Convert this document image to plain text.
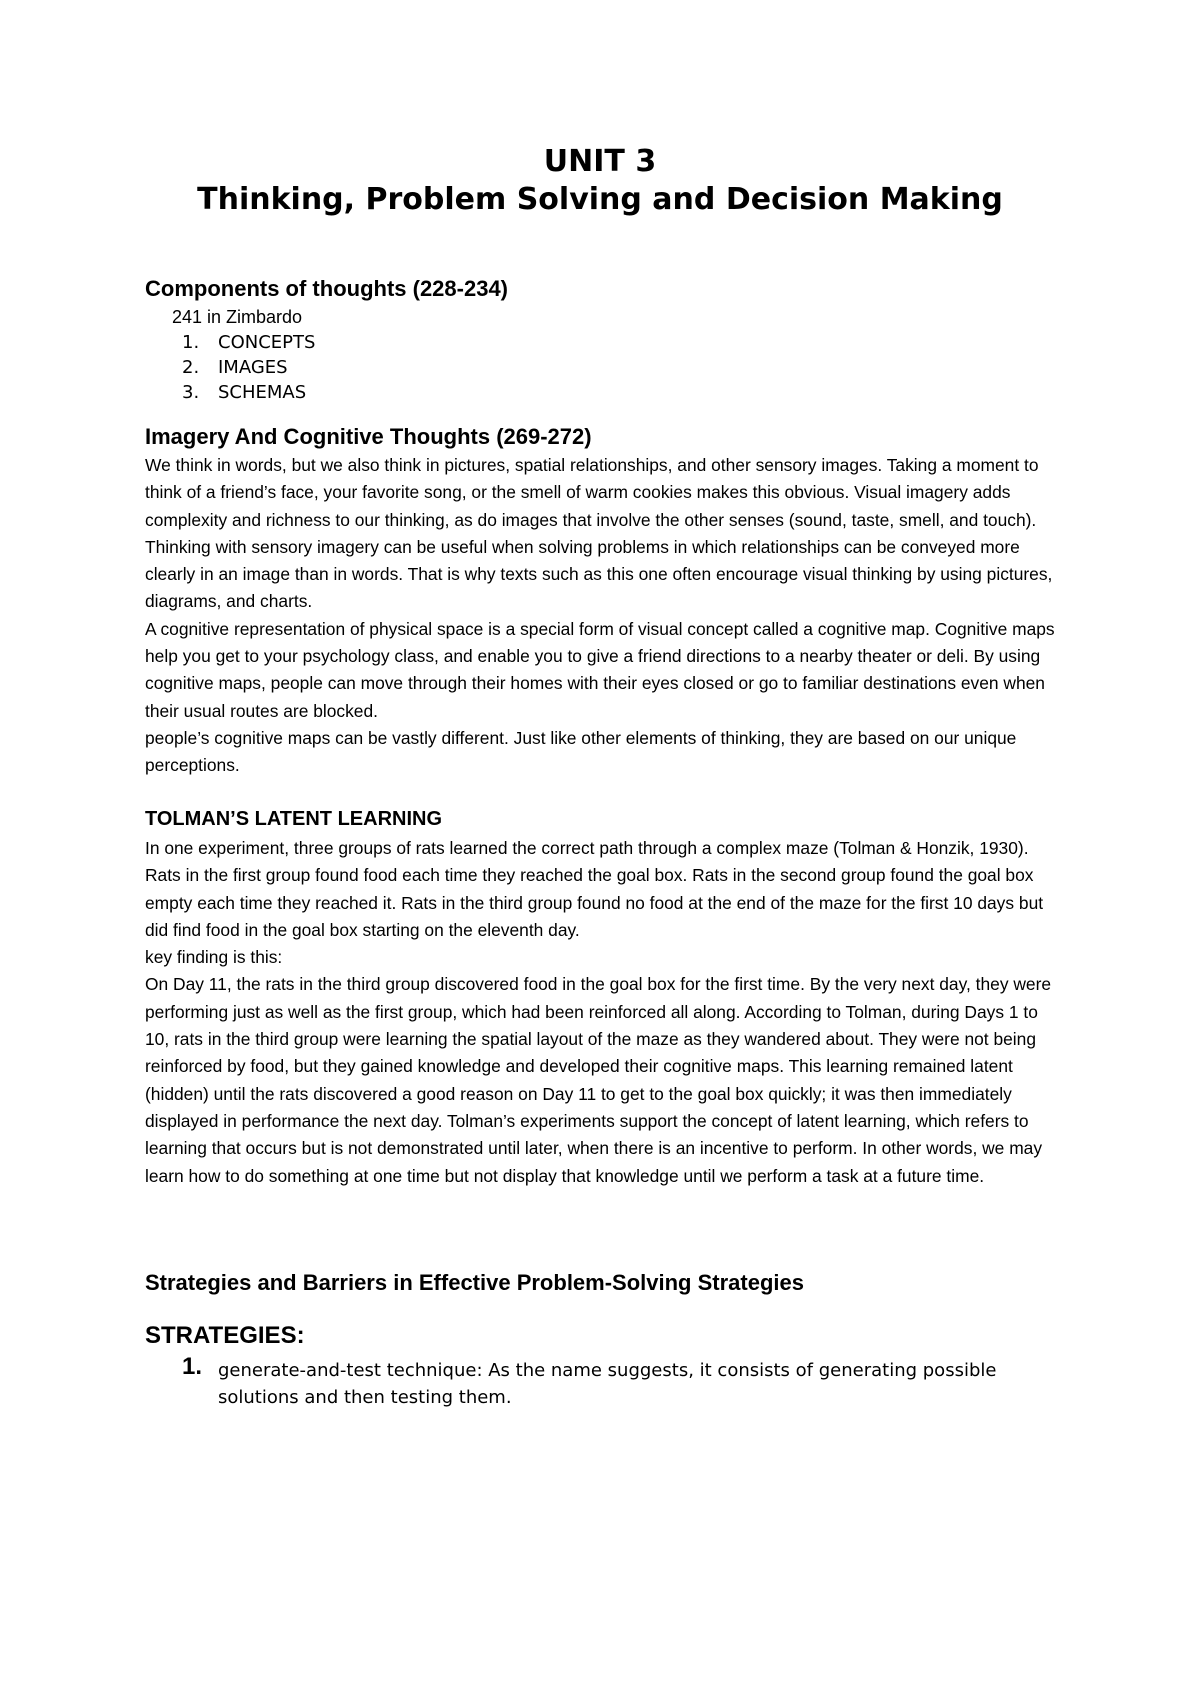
UNIT 3
Thinking, Problem Solving and Decision Making
Components of thoughts (228-234)
241 in Zimbardo
1.	CONCEPTS
2.	IMAGES
3.	SCHEMAS
Imagery And Cognitive Thoughts (269-272)

We think in words, but we also think in pictures, spatial relationships, and other sensory images. Taking a moment to think of a friend’s face, your favorite song, or the smell of warm cookies makes this obvious. Visual imagery adds complexity and richness to our thinking, as do images that involve the other senses (sound, taste, smell, and touch). Thinking with sensory imagery can be useful when solving problems in which relationships can be conveyed more clearly in an image than in words. That is why texts such as this one often encourage visual thinking by using pictures, diagrams, and charts.

A cognitive representation of physical space is a special form of visual concept called a cognitive map. Cognitive maps help you get to your psychology class, and enable you to give a friend directions to a nearby theater or deli. By using cognitive maps, people can move through their homes with their eyes closed or go to familiar destinations even when their usual routes are blocked.

people’s cognitive maps can be vastly different. Just like other elements of thinking, they are based on our unique perceptions.

TOLMAN’S LATENT LEARNING

In one experiment, three groups of rats learned the correct path through a complex maze (Tolman & Honzik, 1930). Rats in the first group found food each time they reached the goal box. Rats in the second group found the goal box empty each time they reached it. Rats in the third group found no food at the end of the maze for the first 10 days but did find food in the goal box starting on the eleventh day.

key finding is this:

On Day 11, the rats in the third group discovered food in the goal box for the first time. By the very next day, they were performing just as well as the first group, which had been reinforced all along. According to Tolman, during Days 1 to 10, rats in the third group were learning the spatial layout of the maze as they wandered about. They were not being reinforced by food, but they gained knowledge and developed their cognitive maps. This learning remained latent (hidden) until the rats discovered a good reason on Day 11 to get to the goal box quickly; it was then immediately displayed in performance the next day. Tolman’s experiments support the concept of latent learning, which refers to learning that occurs but is not demonstrated until later, when there is an incentive to perform. In other words, we may learn how to do something at one time but not display that knowledge until we perform a task at a future time.

Strategies and Barriers in Effective Problem-Solving Strategies
STRATEGIES:
1. generate-and-test technique: As the name suggests, it consists of generating possible solutions and then testing them.
